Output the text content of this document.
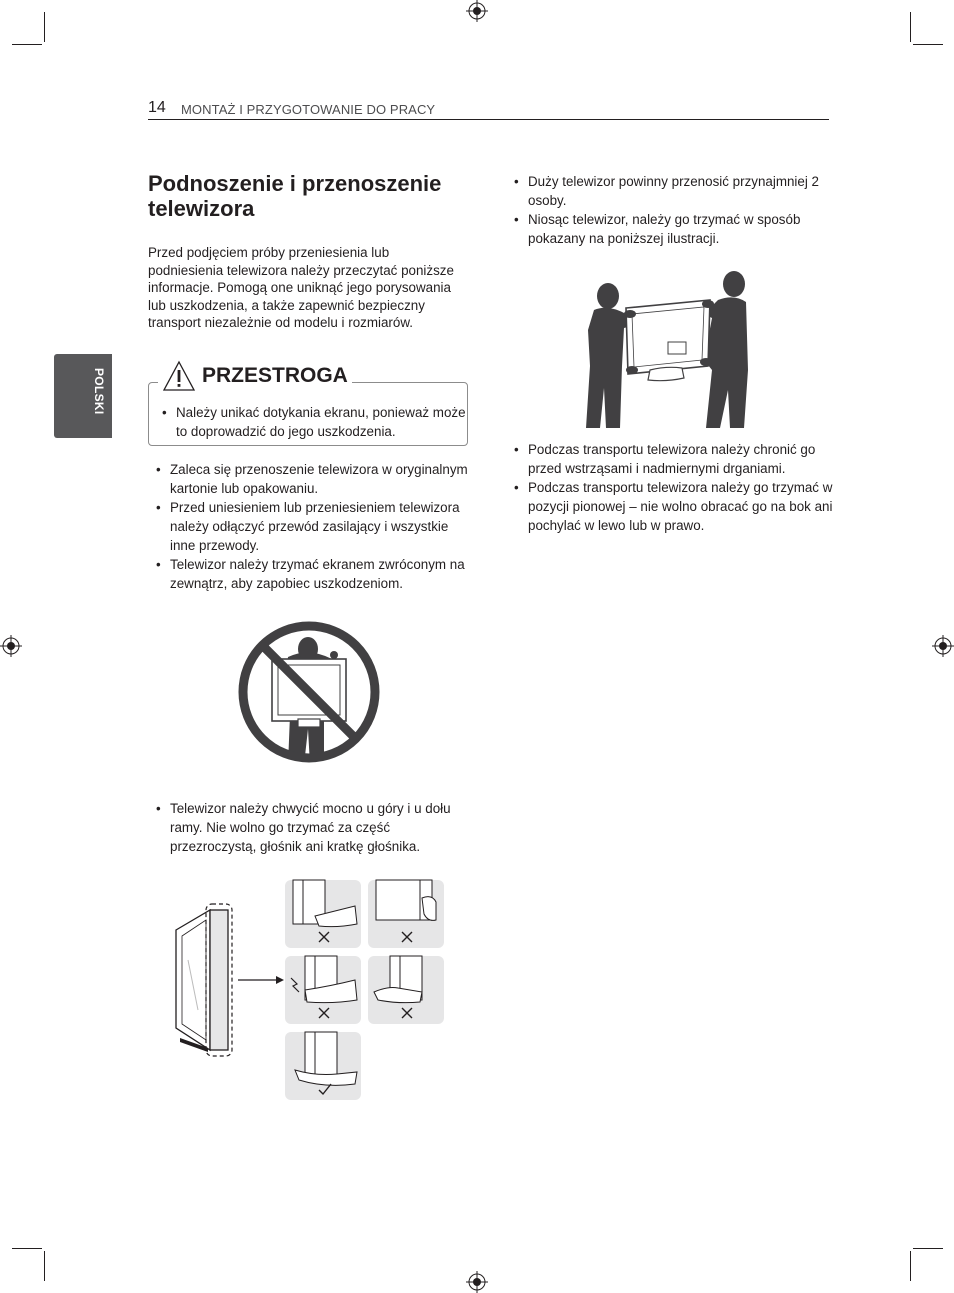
14 MONTAŻ I PRZYGOTOWANIE DO PRACY
POLSKI
Podnoszenie i przenoszenie telewizora
Przed podjęciem próby przeniesienia lub podniesienia telewizora należy przeczytać poniższe informacje. Pomogą one uniknąć jego porysowania lub uszkodzenia, a także zapewnić bezpieczny transport niezależnie od modelu i rozmiarów.
PRZESTROGA
• Należy unikać dotykania ekranu, ponieważ może to doprowadzić do jego uszkodzenia.
• Zaleca się przenoszenie telewizora w oryginalnym kartonie lub opakowaniu.
• Przed uniesieniem lub przeniesieniem telewizora należy odłączyć przewód zasilający i wszystkie inne przewody.
• Telewizor należy trzymać ekranem zwróconym na zewnątrz, aby zapobiec uszkodzeniom.
• Telewizor należy chwycić mocno u góry i u dołu ramy. Nie wolno go trzymać za część przezroczystą, głośnik ani kratkę głośnika.
• Duży telewizor powinny przenosić przynajmniej 2 osoby.
• Niosąc telewizor, należy go trzymać w sposób pokazany na poniższej ilustracji.
• Podczas transportu telewizora należy chronić go przed wstrząsami i nadmiernymi drganiami.
• Podczas transportu telewizora należy go trzymać w pozycji pionowej – nie wolno obracać go na bok ani pochylać w lewo lub w prawo.
